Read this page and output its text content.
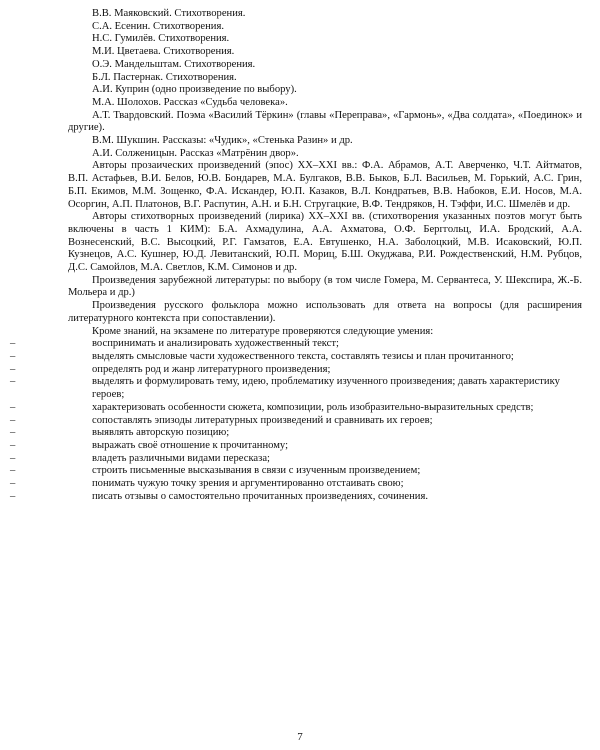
В.В. Маяковский. Стихотворения.

С.А. Есенин. Стихотворения.

Н.С. Гумилёв. Стихотворения.

М.И. Цветаева. Стихотворения.

О.Э. Мандельштам. Стихотворения.

Б.Л. Пастернак. Стихотворения.

А.И. Куприн (одно произведение по выбору).

М.А. Шолохов. Рассказ «Судьба человека».

А.Т. Твардовский. Поэма «Василий Тёркин» (главы «Переправа», «Гармонь», «Два солдата», «Поединок» и другие).

В.М. Шукшин. Рассказы: «Чудик», «Стенька Разин» и др.

А.И. Солженицын. Рассказ «Матрёнин двор».

Авторы прозаических произведений (эпос) XX–XXI вв.: Ф.А. Абрамов, А.Т. Аверченко, Ч.Т. Айтматов, В.П. Астафьев, В.И. Белов, Ю.В. Бондарев, М.А. Булгаков, В.В. Быков, Б.Л. Васильев, М. Горький, А.С. Грин, Б.П. Екимов, М.М. Зощенко, Ф.А. Искандер, Ю.П. Казаков, В.Л. Кондратьев, В.В. Набоков, Е.И. Носов, М.А. Осоргин, А.П. Платонов, В.Г. Распутин, А.Н. и Б.Н. Стругацкие, В.Ф. Тендряков, Н. Тэффи, И.С. Шмелёв и др.

Авторы стихотворных произведений (лирика) XX–XXI вв. (стихотворения указанных поэтов могут быть включены в часть 1 КИМ): Б.А. Ахмадулина, А.А. Ахматова, О.Ф. Берггольц, И.А. Бродский, А.А. Вознесенский, В.С. Высоцкий, Р.Г. Гамзатов, Е.А. Евтушенко, Н.А. Заболоцкий, М.В. Исаковский, Ю.П. Кузнецов, А.С. Кушнер, Ю.Д. Левитанский, Ю.П. Мориц, Б.Ш. Окуджава, Р.И. Рождественский, Н.М. Рубцов, Д.С. Самойлов, М.А. Светлов, К.М. Симонов и др.

Произведения зарубежной литературы: по выбору (в том числе Гомера, М. Сервантеса, У. Шекспира, Ж.-Б. Мольера и др.)

Произведения русского фольклора можно использовать для ответа на вопросы (для расширения литературного контекста при сопоставлении).

Кроме знаний, на экзамене по литературе проверяются следующие умения:

–	воспринимать и анализировать художественный текст;
–	выделять смысловые части художественного текста, составлять тезисы и план прочитанного;
–	определять род и жанр литературного произведения;
–	выделять и формулировать тему, идею, проблематику изученного произведения; давать характеристику героев;
–	характеризовать особенности сюжета, композиции, роль изобразительно-выразительных средств;
–	сопоставлять эпизоды литературных произведений и сравнивать их героев;
–	выявлять авторскую позицию;
–	выражать своё отношение к прочитанному;
–	владеть различными видами пересказа;
–	строить письменные высказывания в связи с изученным произведением;
–	понимать чужую точку зрения и аргументированно отстаивать свою;
–	писать отзывы о самостоятельно прочитанных произведениях, сочинения.
7
